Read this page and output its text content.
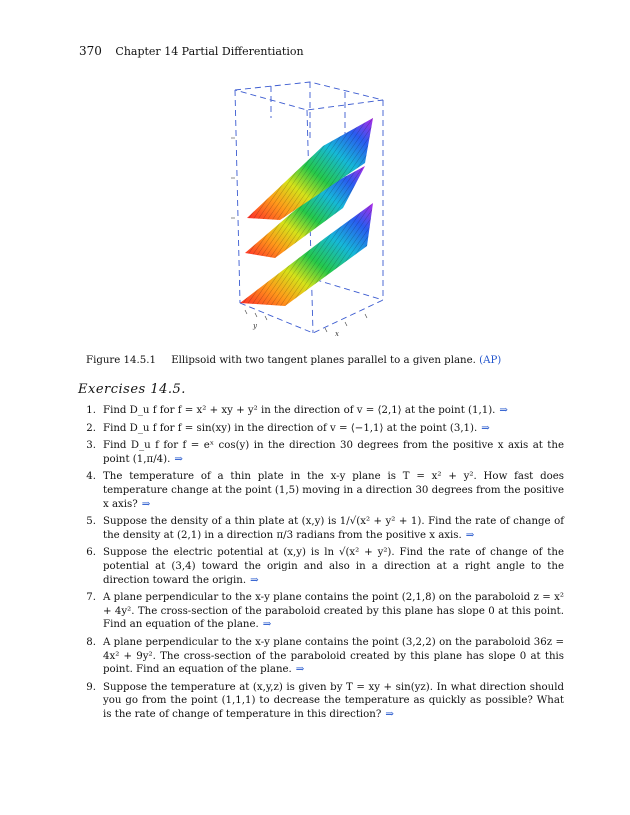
370 Chapter 14 Partial Differentiation
y
x
Figure 14.5.1 Ellipsoid with two tangent planes parallel to a given plane. (AP)
Exercises 14.5.
1. Find D_u f for f = x² + xy + y² in the direction of v = ⟨2,1⟩ at the point (1,1). ⇒
2. Find D_u f for f = sin(xy) in the direction of v = ⟨−1,1⟩ at the point (3,1). ⇒
3. Find D_u f for f = eˣ cos(y) in the direction 30 degrees from the positive x axis at the point (1,π/4). ⇒
4. The temperature of a thin plate in the x-y plane is T = x² + y². How fast does temperature change at the point (1,5) moving in a direction 30 degrees from the positive x axis? ⇒
5. Suppose the density of a thin plate at (x,y) is 1/√(x² + y² + 1). Find the rate of change of the density at (2,1) in a direction π/3 radians from the positive x axis. ⇒
6. Suppose the electric potential at (x,y) is ln √(x² + y²). Find the rate of change of the potential at (3,4) toward the origin and also in a direction at a right angle to the direction toward the origin. ⇒
7. A plane perpendicular to the x-y plane contains the point (2,1,8) on the paraboloid z = x² + 4y². The cross-section of the paraboloid created by this plane has slope 0 at this point. Find an equation of the plane. ⇒
8. A plane perpendicular to the x-y plane contains the point (3,2,2) on the paraboloid 36z = 4x² + 9y². The cross-section of the paraboloid created by this plane has slope 0 at this point. Find an equation of the plane. ⇒
9. Suppose the temperature at (x,y,z) is given by T = xy + sin(yz). In what direction should you go from the point (1,1,1) to decrease the temperature as quickly as possible? What is the rate of change of temperature in this direction? ⇒
